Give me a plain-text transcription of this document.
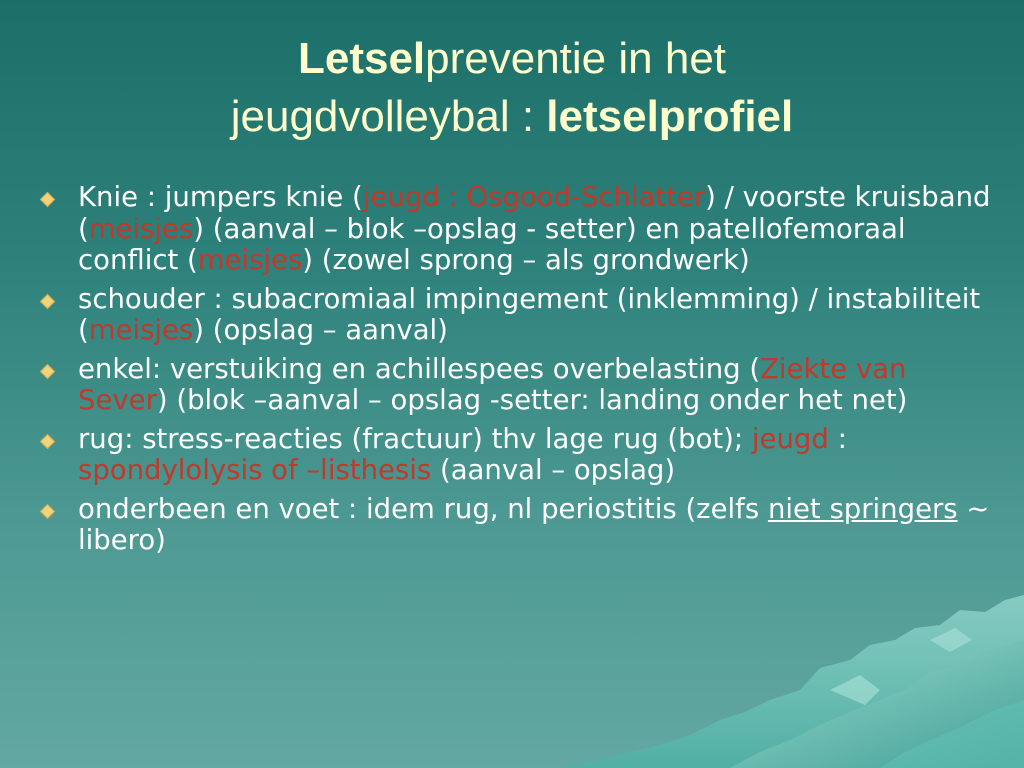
Letselpreventie in het
jeugdvolleybal : letselprofiel
Knie : jumpers knie (jeugd : Osgood-Schlatter) / voorste kruisband (meisjes) (aanval – blok –opslag - setter) en patellofemoraal conflict (meisjes) (zowel sprong – als grondwerk)
schouder : subacromiaal impingement (inklemming) / instabiliteit (meisjes) (opslag – aanval)
enkel: verstuiking en achillespees overbelasting (Ziekte van Sever) (blok –aanval – opslag -setter: landing onder het net)
rug: stress-reacties (fractuur) thv lage rug (bot); jeugd : spondylolysis of –listhesis (aanval – opslag)
onderbeen en voet : idem rug, nl periostitis (zelfs niet springers ~ libero)
